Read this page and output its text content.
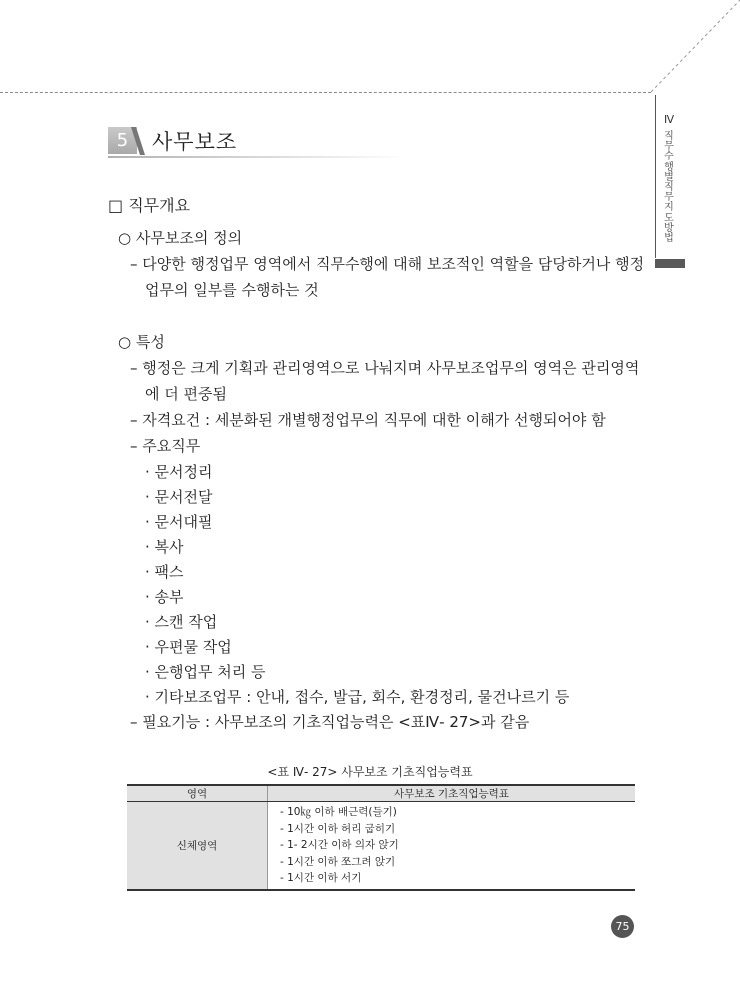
Ⅳ
직무수행별 직무지도방법
5	사무보조
□ 직무개요
○ 사무보조의 정의
– 다양한 행정업무 영역에서 직무수행에 대해 보조적인 역할을 담당하거나 행정
업무의 일부를 수행하는 것
○ 특성
– 행정은 크게 기획과 관리영역으로 나눠지며 사무보조업무의 영역은 관리영역
에 더 편중됨
– 자격요건 : 세분화된 개별행정업무의 직무에 대한 이해가 선행되어야 함
– 주요직무
· 문서정리
· 문서전달
· 문서대필
· 복사
· 팩스
· 송부
· 스캔 작업
· 우편물 작업
· 은행업무 처리 등
· 기타보조업무 : 안내, 접수, 발급, 회수, 환경정리, 물건나르기 등
– 필요기능 : 사무보조의 기초직업능력은 <표Ⅳ- 27>과 같음
<표 Ⅳ- 27> 사무보조 기초직업능력표
영역	사무보조 기초직업능력표
신체영역	- 10㎏ 이하 배근력(들기)
- 1시간 이하 허리 굽히기
- 1- 2시간 이하 의자 앉기
- 1시간 이하 쪼그려 앉기
- 1시간 이하 서기
75
